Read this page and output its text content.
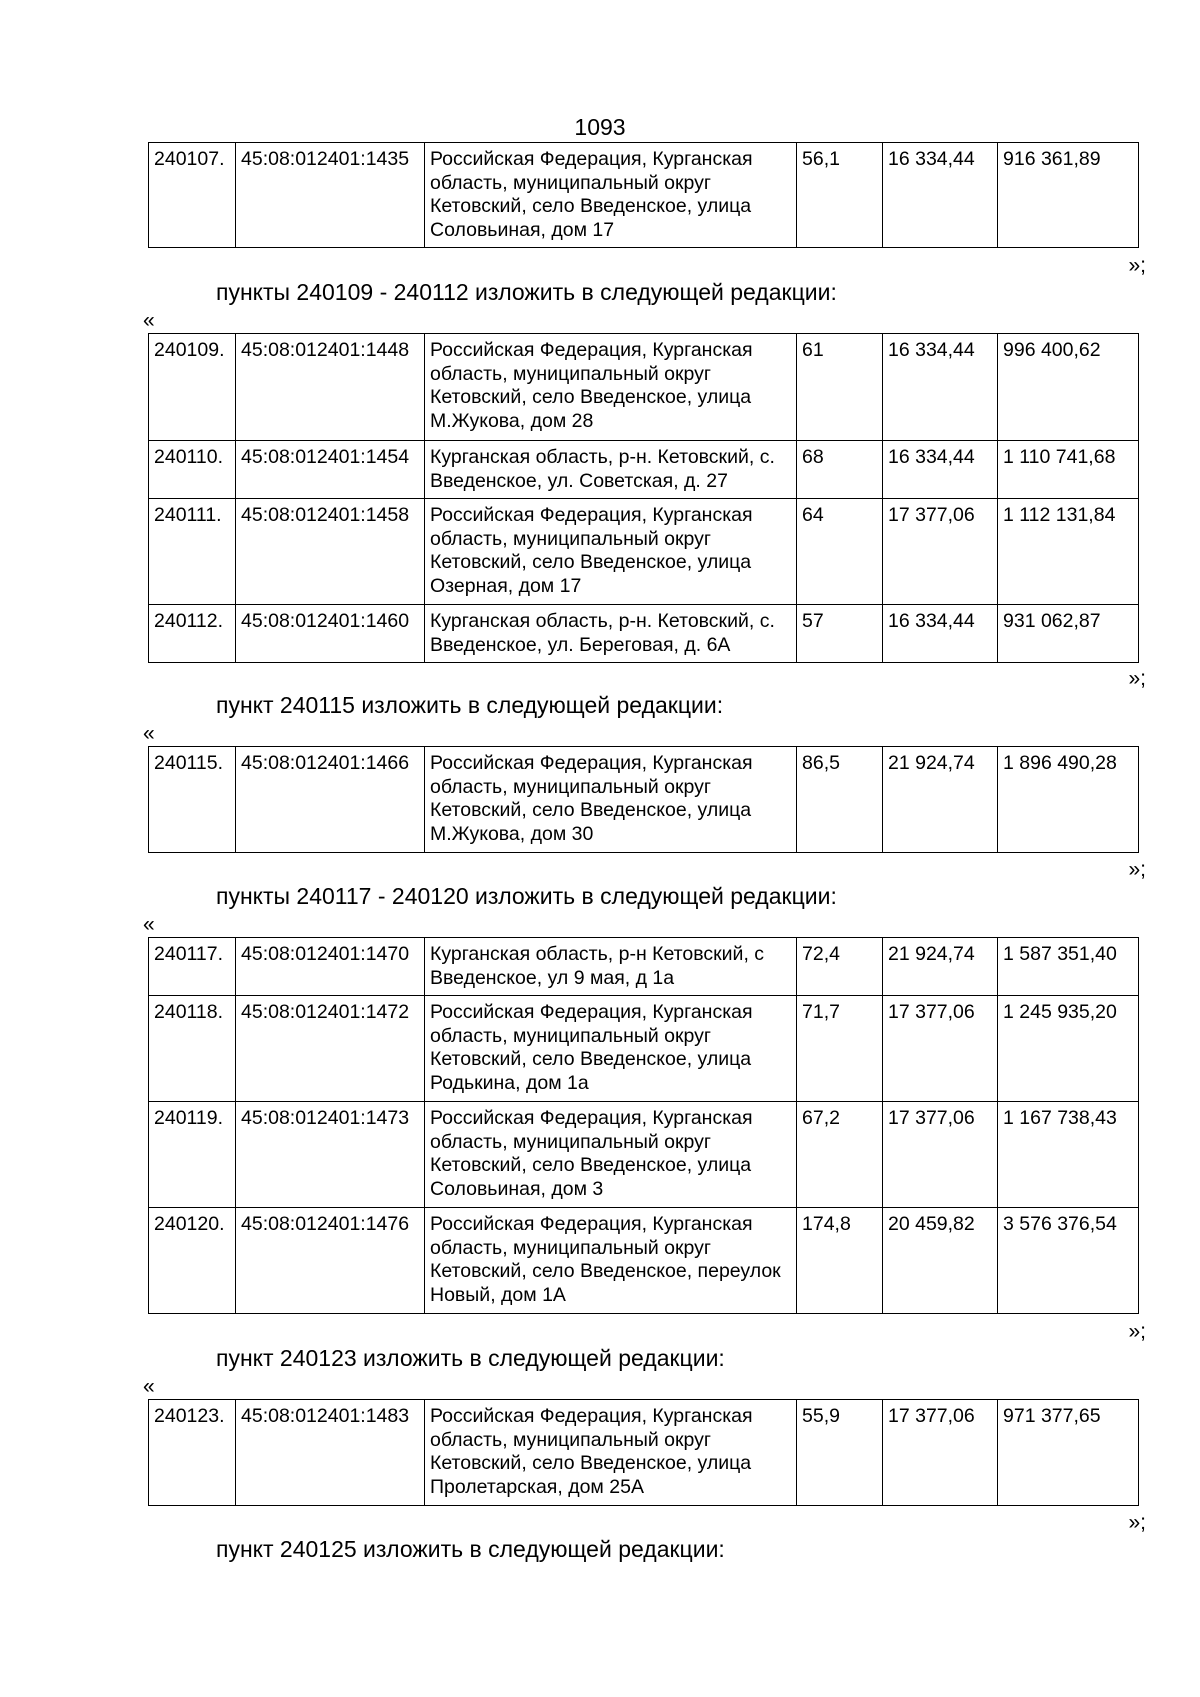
1093
240107.	45:08:012401:1435	Российская Федерация, Курганская область, муниципальный округ Кетовский, село Введенское, улица Соловьиная, дом 17	56,1	16 334,44	916 361,89
»;
пункты 240109 - 240112 изложить в следующей редакции:
«
240109.	45:08:012401:1448	Российская Федерация, Курганская область, муниципальный округ Кетовский, село Введенское, улица М.Жукова, дом 28	61	16 334,44	996 400,62
240110.	45:08:012401:1454	Курганская область, р-н. Кетовский, с. Введенское, ул. Советская, д. 27	68	16 334,44	1 110 741,68
240111.	45:08:012401:1458	Российская Федерация, Курганская область, муниципальный округ Кетовский, село Введенское, улица Озерная, дом 17	64	17 377,06	1 112 131,84
240112.	45:08:012401:1460	Курганская область, р-н. Кетовский, с. Введенское, ул. Береговая, д. 6А	57	16 334,44	931 062,87
»;
пункт 240115 изложить в следующей редакции:
«
240115.	45:08:012401:1466	Российская Федерация, Курганская область, муниципальный округ Кетовский, село Введенское, улица М.Жукова, дом 30	86,5	21 924,74	1 896 490,28
»;
пункты 240117 - 240120 изложить в следующей редакции:
«
240117.	45:08:012401:1470	Курганская область, р-н Кетовский, с Введенское, ул 9 мая, д 1а	72,4	21 924,74	1 587 351,40
240118.	45:08:012401:1472	Российская Федерация, Курганская область, муниципальный округ Кетовский, село Введенское, улица Родькина, дом 1а	71,7	17 377,06	1 245 935,20
240119.	45:08:012401:1473	Российская Федерация, Курганская область, муниципальный округ Кетовский, село Введенское, улица Соловьиная, дом 3	67,2	17 377,06	1 167 738,43
240120.	45:08:012401:1476	Российская Федерация, Курганская область, муниципальный округ Кетовский, село Введенское, переулок Новый, дом 1А	174,8	20 459,82	3 576 376,54
»;
пункт 240123 изложить в следующей редакции:
«
240123.	45:08:012401:1483	Российская Федерация, Курганская область, муниципальный округ Кетовский, село Введенское, улица Пролетарская, дом 25А	55,9	17 377,06	971 377,65
»;
пункт 240125 изложить в следующей редакции:
